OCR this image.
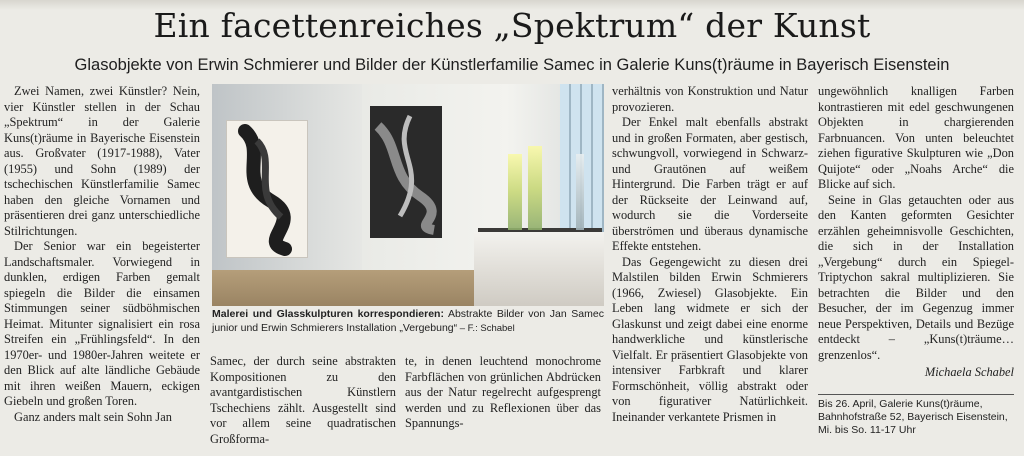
Ein facettenreiches „Spektrum“ der Kunst
Glasobjekte von Erwin Schmierer und Bilder der Künstlerfamilie Samec in Galerie Kuns(t)räume in Bayerisch Eisenstein

Zwei Namen, zwei Künstler? Nein, vier Künstler stellen in der Schau „Spektrum“ in der Galerie Kuns(t)räume in Bayerische Eisenstein aus. Großvater (1917-1988), Vater (1955) und Sohn (1989) der tschechischen Künstlerfamilie Samec haben den gleiche Vornamen und präsentieren drei ganz unterschiedliche Stilrichtungen.

Der Senior war ein begeisterter Landschaftsmaler. Vorwiegend in dunklen, erdigen Farben gemalt spiegeln die Bilder die einsamen Stimmungen seiner südböhmischen Heimat. Mitunter signalisiert ein rosa Streifen ein „Frühlingsfeld“. In den 1970er- und 1980er-Jahren weitete er den Blick auf alte ländliche Gebäude mit ihren weißen Mauern, eckigen Giebeln und großen Toren.

Ganz anders malt sein Sohn Jan

Malerei und Glasskulpturen korrespondieren: Abstrakte Bilder von Jan Samec junior und Erwin Schmierers Installation „Vergebung“ – F.: Schabel

Samec, der durch seine abstrakten Kompositionen zu den avantgardistischen Künstlern Tschechiens zählt. Ausgestellt sind vor allem seine quadratischen Großforma-

te, in denen leuchtend monochrome Farbflächen von grünlichen Abdrücken aus der Natur regelrecht aufgesprengt werden und zu Reflexionen über das Spannungs-

verhältnis von Konstruktion und Natur provozieren.

Der Enkel malt ebenfalls abstrakt und in großen Formaten, aber gestisch, schwungvoll, vorwiegend in Schwarz- und Grautönen auf weißem Hintergrund. Die Farben trägt er auf der Rückseite der Leinwand auf, wodurch sie die Vorderseite überströmen und überaus dynamische Effekte entstehen.

Das Gegengewicht zu diesen drei Malstilen bilden Erwin Schmierers (1966, Zwiesel) Glasobjekte. Ein Leben lang widmete er sich der Glaskunst und zeigt dabei eine enorme handwerkliche und künstlerische Vielfalt. Er präsentiert Glasobjekte von intensiver Farbkraft und klarer Formschönheit, völlig abstrakt oder von figurativer Natürlichkeit. Ineinander verkantete Prismen in

ungewöhnlich knalligen Farben kontrastieren mit edel geschwungenen Objekten in chargierenden Farbnuancen. Von unten beleuchtet ziehen figurative Skulpturen wie „Don Quijote“ oder „Noahs Arche“ die Blicke auf sich.

Seine in Glas getauchten oder aus den Kanten geformten Gesichter erzählen geheimnisvolle Geschichten, die sich in der Installation „Vergebung“ durch ein Spiegel-Triptychon sakral multiplizieren. Sie betrachten die Bilder und den Besucher, der im Gegenzug immer neue Perspektiven, Details und Bezüge entdeckt – „Kuns(t)träume…grenzenlos“.

Michaela Schabel
Bis 26. April, Galerie Kuns(t)räume, Bahnhofstraße 52, Bayerisch Eisenstein, Mi. bis So. 11-17 Uhr
